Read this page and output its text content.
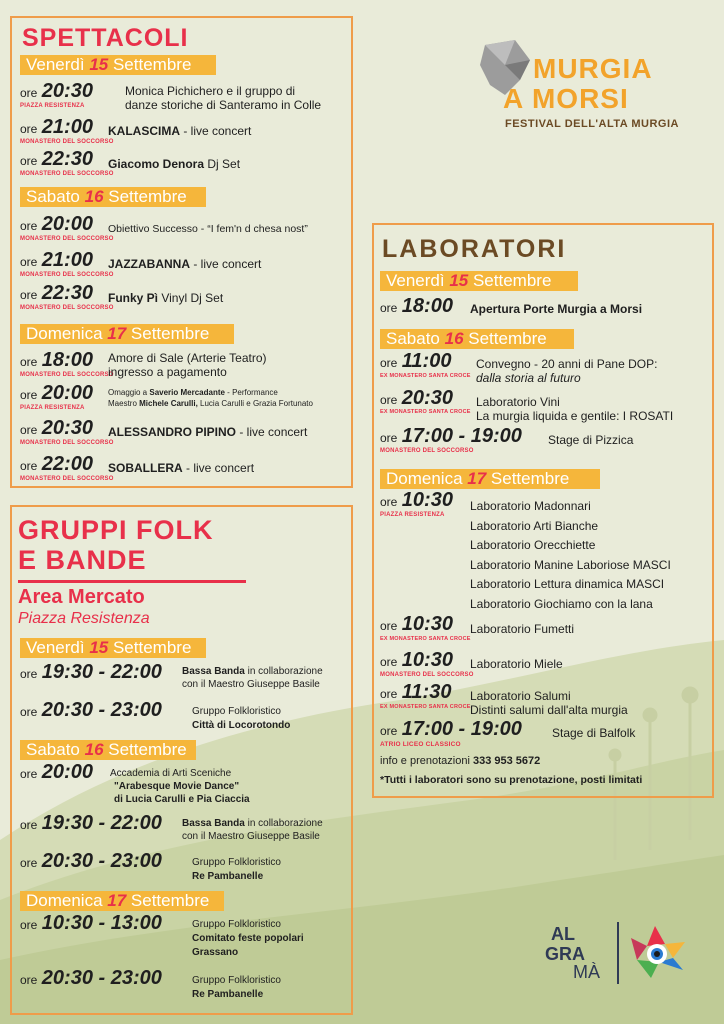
MURGIA
A MORSI
FESTIVAL DELL'ALTA MURGIA
SPETTACOLI
Venerdì 15 Settembre
ore 20:30
PIAZZA RESISTENZA
Monica Pichichero e il gruppo di
danze storiche di Santeramo in Colle
ore 21:00
MONASTERO DEL SOCCORSO
KALASCIMA - live concert
ore 22:30
MONASTERO DEL SOCCORSO
Giacomo Denora Dj Set
Sabato 16 Settembre
ore 20:00
MONASTERO DEL SOCCORSO
Obiettivo Successo - “I fem'n d chesa nost”
ore 21:00
MONASTERO DEL SOCCORSO
JAZZABANNA - live concert
ore 22:30
MONASTERO DEL SOCCORSO
Funky Pì Vinyl Dj Set
Domenica 17 Settembre
ore 18:00
MONASTERO DEL SOCCORSO
Amore di Sale (Arterie Teatro)
ingresso a pagamento
ore 20:00
PIAZZA RESISTENZA
Omaggio a Saverio Mercadante - Performance
Maestro Michele Carulli, Lucia Carulli e Grazia Fortunato
ore 20:30
MONASTERO DEL SOCCORSO
ALESSANDRO PIPINO - live concert
ore 22:00
MONASTERO DEL SOCCORSO
SOBALLERA - live concert
GRUPPI FOLK
E BANDE
Area Mercato
Piazza Resistenza
Venerdì 15 Settembre
ore 19:30 - 22:00 Bassa Banda in collaborazione
con il Maestro Giuseppe Basile
ore 20:30 - 23:00	Gruppo Folkloristico
Città di Locorotondo
Sabato 16 Settembre
ore 20:00 Accademia di Arti Sceniche
"Arabesque Movie Dance"
di Lucia Carulli e Pia Ciaccia
ore 19:30 - 22:00 Bassa Banda in collaborazione
con il Maestro Giuseppe Basile
ore 20:30 - 23:00	Gruppo Folkloristico
Re Pambanelle
Domenica 17 Settembre
ore 10:30 - 13:00	Gruppo Folkloristico
Comitato feste popolari
Grassano
ore 20:30 - 23:00	Gruppo Folkloristico
Re Pambanelle
LABORATORI
Venerdì 15 Settembre
ore 18:00 Apertura Porte Murgia a Morsi
Sabato 16 Settembre
ore 11:00
EX MONASTERO SANTA CROCE
Convegno - 20 anni di Pane DOP:
dalla storia al futuro
ore 20:30
EX MONASTERO SANTA CROCE
Laboratorio Vini
La murgia liquida e gentile: I ROSATI
ore 17:00 - 19:00
MONASTERO DEL SOCCORSO
Stage di Pizzica
Domenica 17 Settembre
ore 10:30
PIAZZA RESISTENZA
Laboratorio Madonnari
Laboratorio Arti Bianche
Laboratorio Orecchiette
Laboratorio Manine Laboriose MASCI
Laboratorio Lettura dinamica MASCI
Laboratorio Giochiamo con la lana
ore 10:30
EX MONASTERO SANTA CROCE
Laboratorio Fumetti
ore 10:30
MONASTERO DEL SOCCORSO
Laboratorio Miele
ore 11:30
EX MONASTERO SANTA CROCE
Laboratorio Salumi
Distinti salumi dall'alta murgia
ore 17:00 - 19:00
ATRIO LICEO CLASSICO
Stage di Balfolk
info e prenotazioni 333 953 5672
*Tutti i laboratori sono su prenotazione, posti limitati
AL
GRA
MÀ
